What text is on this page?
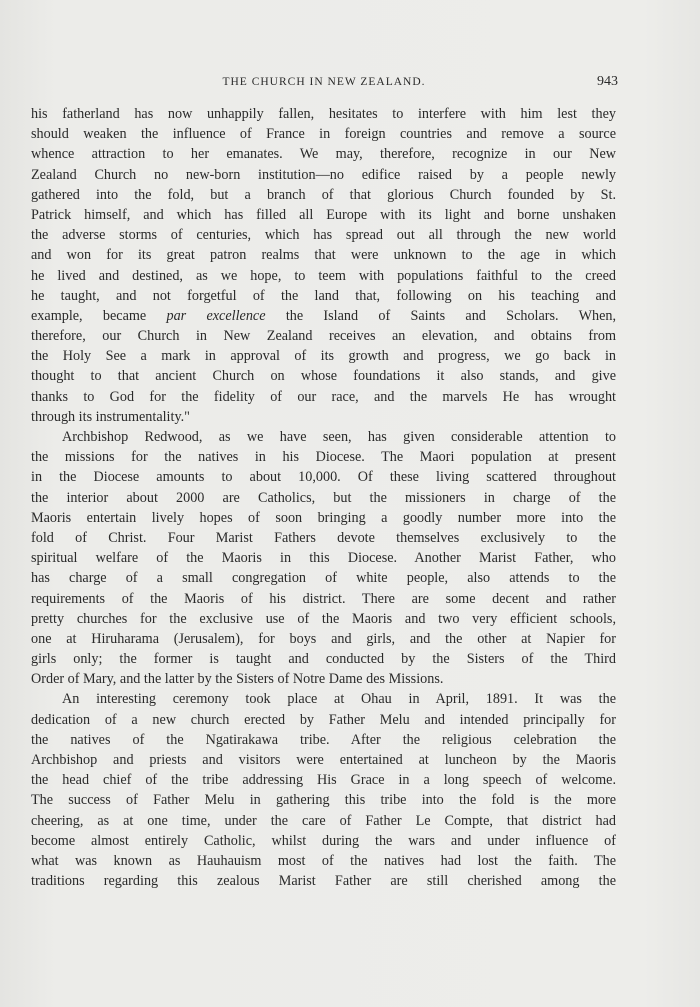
THE CHURCH IN NEW ZEALAND.	943
his fatherland has now unhappily fallen, hesitates to interfere with him lest they
should weaken the influence of France in foreign countries and remove a source
whence attraction to her emanates. We may, therefore, recognize in our New
Zealand Church no new-born institution—no edifice raised by a people newly
gathered into the fold, but a branch of that glorious Church founded by St.
Patrick himself, and which has filled all Europe with its light and borne unshaken
the adverse storms of centuries, which has spread out all through the new world
and won for its great patron realms that were unknown to the age in which
he lived and destined, as we hope, to teem with populations faithful to the creed
he taught, and not forgetful of the land that, following on his teaching and
example, became par excellence the Island of Saints and Scholars. When,
therefore, our Church in New Zealand receives an elevation, and obtains from
the Holy See a mark in approval of its growth and progress, we go back in
thought to that ancient Church on whose foundations it also stands, and give
thanks to God for the fidelity of our race, and the marvels He has wrought
through its instrumentality."
Archbishop Redwood, as we have seen, has given considerable attention to
the missions for the natives in his Diocese. The Maori population at present
in the Diocese amounts to about 10,000. Of these living scattered throughout
the interior about 2000 are Catholics, but the missioners in charge of the
Maoris entertain lively hopes of soon bringing a goodly number more into the
fold of Christ. Four Marist Fathers devote themselves exclusively to the
spiritual welfare of the Maoris in this Diocese. Another Marist Father, who
has charge of a small congregation of white people, also attends to the
requirements of the Maoris of his district. There are some decent and rather
pretty churches for the exclusive use of the Maoris and two very efficient schools,
one at Hiruharama (Jerusalem), for boys and girls, and the other at Napier for
girls only; the former is taught and conducted by the Sisters of the Third
Order of Mary, and the latter by the Sisters of Notre Dame des Missions.
An interesting ceremony took place at Ohau in April, 1891. It was the
dedication of a new church erected by Father Melu and intended principally for
the natives of the Ngatirakawa tribe. After the religious celebration the
Archbishop and priests and visitors were entertained at luncheon by the Maoris
the head chief of the tribe addressing His Grace in a long speech of welcome.
The success of Father Melu in gathering this tribe into the fold is the more
cheering, as at one time, under the care of Father Le Compte, that district had
become almost entirely Catholic, whilst during the wars and under influence of
what was known as Hauhauism most of the natives had lost the faith. The
traditions regarding this zealous Marist Father are still cherished among the
